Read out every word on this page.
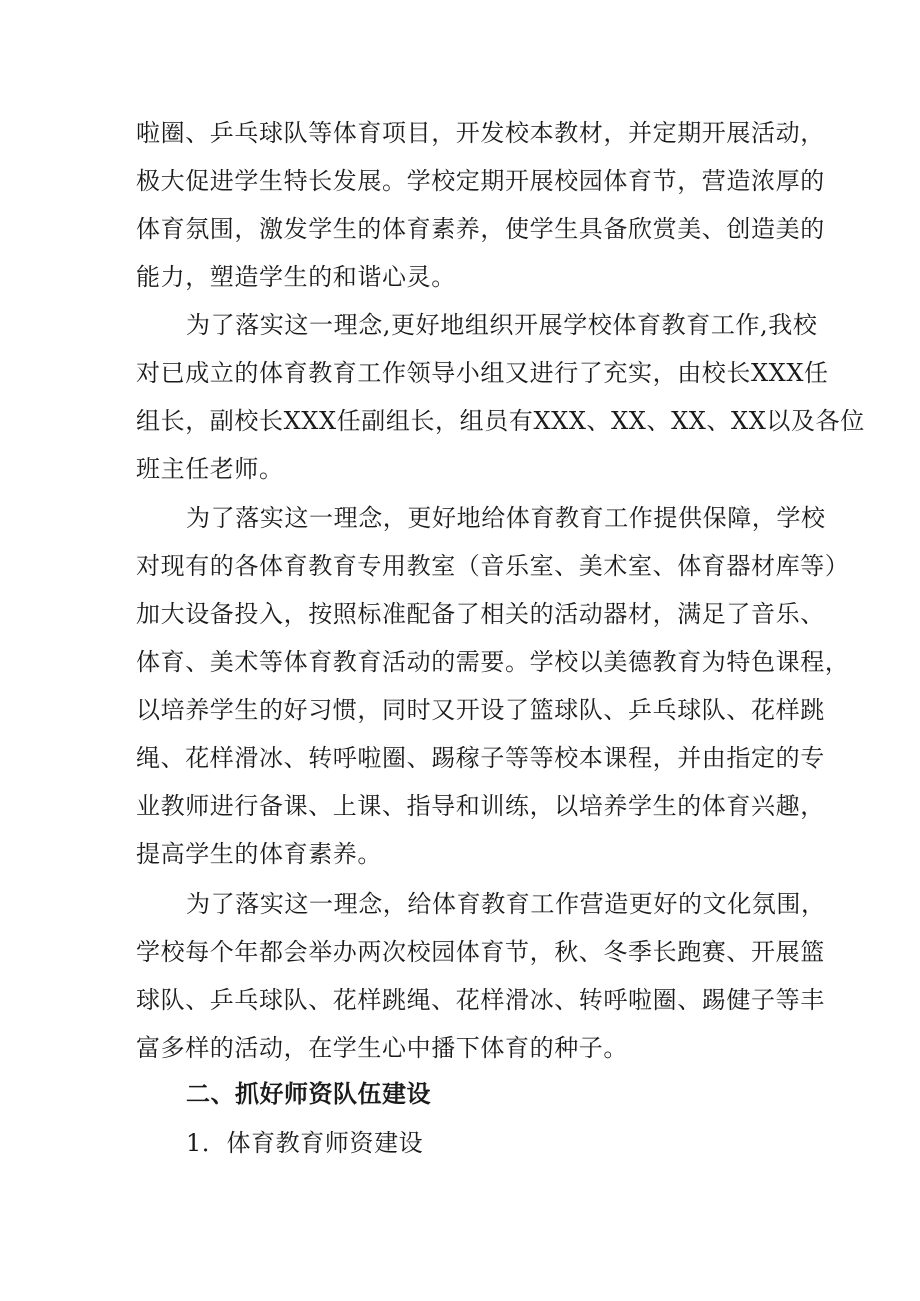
啦圈、乒乓球队等体育项目，开发校本教材，并定期开展活动，
极大促进学生特长发展。学校定期开展校园体育节，营造浓厚的
体育氛围，激发学生的体育素养，使学生具备欣赏美、创造美的
能力，塑造学生的和谐心灵。
为了落实这一理念,更好地组织开展学校体育教育工作,我校
对已成立的体育教育工作领导小组又进行了充实，由校长XXX任
组长，副校长XXX任副组长，组员有XXX、XX、XX、XX以及各位
班主任老师。
为了落实这一理念，更好地给体育教育工作提供保障，学校
对现有的各体育教育专用教室（音乐室、美术室、体育器材库等）
加大设备投入，按照标准配备了相关的活动器材，满足了音乐、
体育、美术等体育教育活动的需要。学校以美德教育为特色课程，
以培养学生的好习惯，同时又开设了篮球队、乒乓球队、花样跳
绳、花样滑冰、转呼啦圈、踢稼子等等校本课程，并由指定的专
业教师进行备课、上课、指导和训练，以培养学生的体育兴趣，
提高学生的体育素养。
为了落实这一理念，给体育教育工作营造更好的文化氛围，
学校每个年都会举办两次校园体育节，秋、冬季长跑赛、开展篮
球队、乒乓球队、花样跳绳、花样滑冰、转呼啦圈、踢健子等丰
富多样的活动，在学生心中播下体育的种子。
二、抓好师资队伍建设
1．体育教育师资建设
